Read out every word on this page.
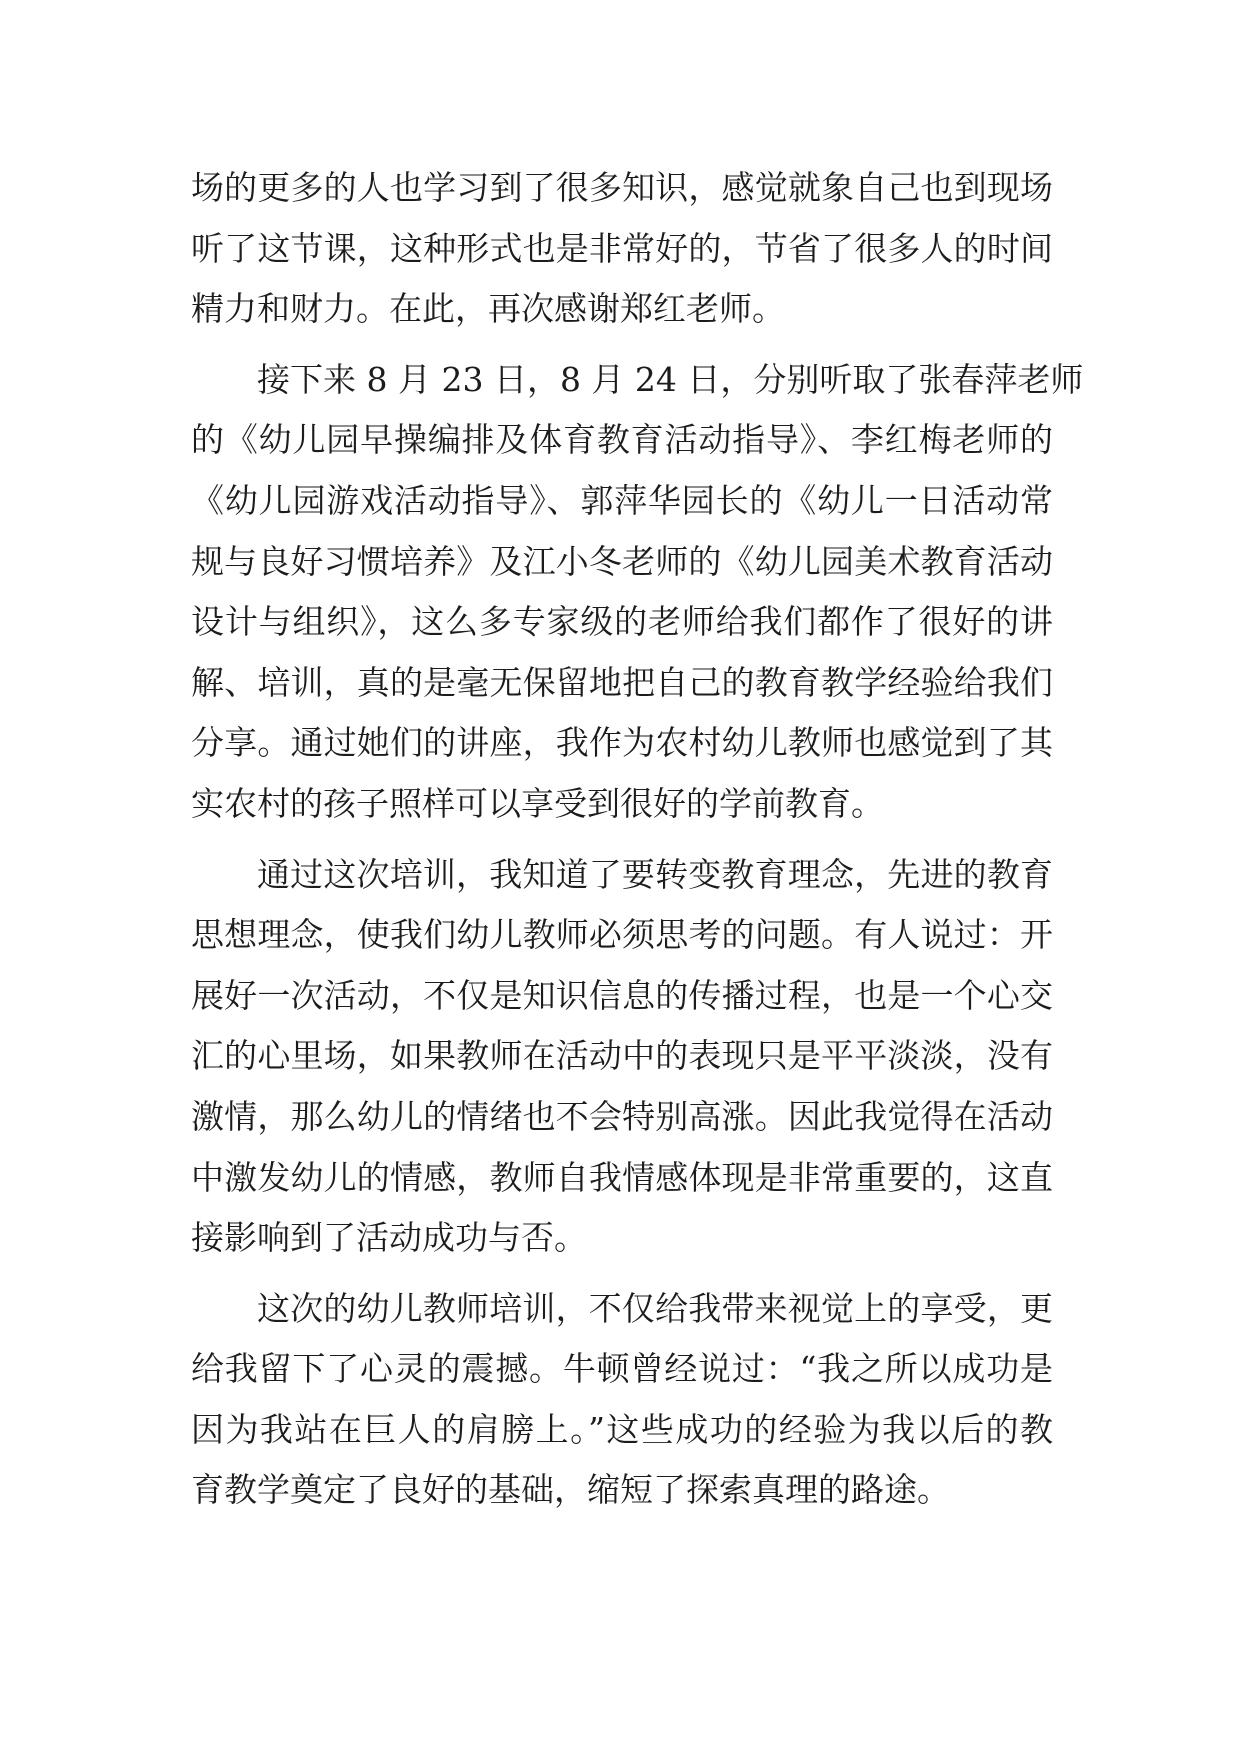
场的更多的人也学习到了很多知识，感觉就象自己也到现场
听了这节课，这种形式也是非常好的，节省了很多人的时间
精力和财力。在此，再次感谢郑红老师。
接下来 8 月 23 日，8 月 24 日，分别听取了张春萍老师
的《幼儿园早操编排及体育教育活动指导》、李红梅老师的
《幼儿园游戏活动指导》、郭萍华园长的《幼儿一日活动常
规与良好习惯培养》及江小冬老师的《幼儿园美术教育活动
设计与组织》，这么多专家级的老师给我们都作了很好的讲
解、培训，真的是毫无保留地把自己的教育教学经验给我们
分享。通过她们的讲座，我作为农村幼儿教师也感觉到了其
实农村的孩子照样可以享受到很好的学前教育。
通过这次培训，我知道了要转变教育理念，先进的教育
思想理念，使我们幼儿教师必须思考的问题。有人说过：开
展好一次活动，不仅是知识信息的传播过程，也是一个心交
汇的心里场，如果教师在活动中的表现只是平平淡淡，没有
激情，那么幼儿的情绪也不会特别高涨。因此我觉得在活动
中激发幼儿的情感，教师自我情感体现是非常重要的，这直
接影响到了活动成功与否。
这次的幼儿教师培训，不仅给我带来视觉上的享受，更
给我留下了心灵的震撼。牛顿曾经说过：“我之所以成功是
因为我站在巨人的肩膀上。”这些成功的经验为我以后的教
育教学奠定了良好的基础，缩短了探索真理的路途。
